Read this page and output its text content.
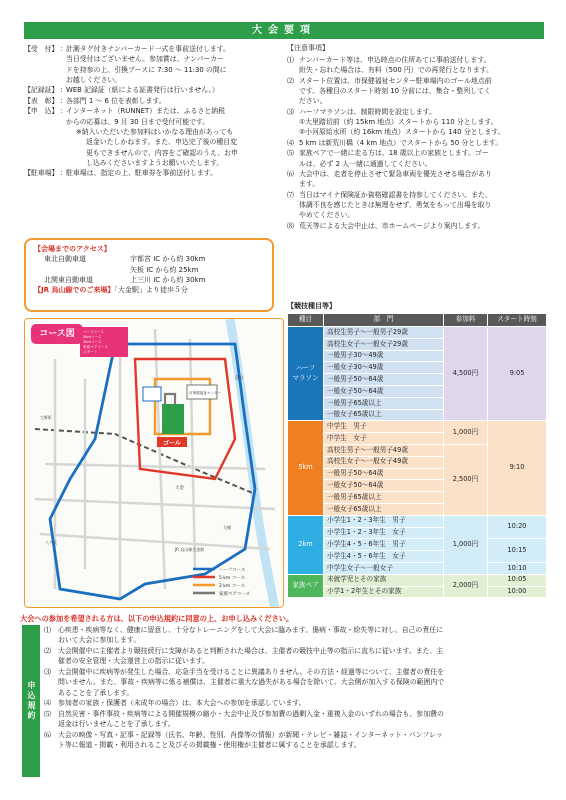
大会要項
【受　付】 ： 計測タグ付きナンバーカード一式を事前送付します。
当日受付はございません。参加賞は、ナンバーカー
ドを持参の上、引換ブースに 7:30 ～ 11:30 の間に
お越しください。
【記録証】 ： WEB 記録証（紙による証書発行は行いません。）
【表　彰】 ： 各部門 1 ～ 6 位を表彰します。
【申　込】 ： インターネット（RUNNET）または、ふるさと納税
からの応募は、9 月 30 日まで受付可能です。
※納入いただいた参加料はいかなる理由があっても
返金いたしかねます。また、申込完了後の種目変
更もできませんので、内容をご確認のうえ、お申
し込みくださいますようお願いいたします。
【駐車場】 ： 駐車場は、指定の上、駐車券を事前送付します。
【会場までのアクセス】
東北自動車道	宇都宮 IC から約 30km
矢板 IC から約 25km
北関東自動車道	上三川 IC から約 30km
【JR 烏山線でのご来場】「大金駅」より徒歩５分
市保健福祉センター
ゴール
ハーフコース
5kmコース
2kmコース
家族ペアコース
スタート
大金
八ケ代
荒川
大桶
大野町
JR 烏山線大金駅
ハーフコース
5 km コース
2 km コース
家族ペアコース
コース図
【注意事項】
⑴ ナンバーカード等は、申込時点の住所あてに事前送付します。
紛失・忘れた場合は、有料（500 円）での再発行となります。
⑵ スタート位置は、市保健福祉センター駐車場内のゴール地点前
です。各種目のスタート時刻 10 分前には、集合・整列してく
ださい。
⑶ ハーフマラソンは、制限時間を設定します。
①大里踏切前（約 15km 地点）スタートから 110 分とします。
②小河原給水所（約 16km 地点）スタートから 140 分とします。
⑷ 5 km は新荒川橋（4 km 地点）でスタートから 50 分とします。
⑸ 家族ペアで一緒に走る方は、18 歳以上の家族とします。ゴー
ルは、必ず 2 人一緒に通過してください。
⑹ 大会中は、走者を停止させて緊急車両を優先させる場合があり
ます。
⑺ 当日はマイナ保険証か資格確認書を持参してください。また、
体調不良を感じたときは無理をせず、勇気をもって出場を取り
やめてください。
⑻ 荒天等による大会中止は、市ホームページより案内します。
【競技種目等】
種目	部　門	参加料	スタート時刻
ハーフ
マラソン	高校生男子～一般男子29歳	4,500円	9:05
	高校生女子～一般女子29歳		
	一般男子30～49歳		
	一般女子30～49歳		
	一般男子50～64歳		
	一般女子50～64歳		
	一般男子65歳以上		
	一般女子65歳以上		
5km	中学生　男子	1,000円	9:10
	中学生　女子		
	高校生男子～一般男子49歳	2,500円	
	高校生女子～一般女子49歳		
	一般男子50～64歳		
	一般女子50～64歳		
	一般男子65歳以上		
	一般女子65歳以上		
2km	小学生1・2・3年生　男子	1,000円	10:20
	小学生1・2・3年生　女子		
	小学生4・5・6年生　男子		10:15
	小学生4・5・6年生　女子		
	中学生女子～一般女子		10:10
家族ペア	未就学児とその家族	2,000円	10:05
	小学1・2年生とその家族		10:00
大会への参加を希望される方は、以下の申込規約に同意の上、お申し込みください。
申込規約
⑴	心疾患・疾病等なく、健康に留意し、十分なトレーニングをして大会に臨みます。傷病・事故・紛失等に対し、自己の責任に
おいて大会に参加します。
⑵	大会開催中に主催者より競技続行に支障があると判断された場合は、主催者の競技中止等の指示に直ちに従います。また、主
催者の安全管理・大会運営上の指示に従います。
⑶	大会開催中に疾病等が発生した場合、応急手当を受けることに異議ありません。その方法・経過等について、主催者の責任を
問いません。また、事故・疾病等に係る補償は、主催者に重大な過失がある場合を除いて、大会側が加入する保険の範囲内で
あることを了承します。
⑷	参加者の家族・保護者（未成年の場合）は、本大会への参加を承認しています。
⑸	自然災害・事件事故・疾病等による開催規模の縮小・大会中止及び参加費の過剰入金・重複入金のいずれの場合も、参加費の
返金は行いませんことを了承します。
⑹	大会の映像・写真・記事・記録等（氏名、年齢、性別、肖像等の情報）が新聞・テレビ・雑誌・インターネット・パンフレッ
ト等に報道・掲載・利用されること及びその掲載権・使用権が主催者に属することを承認します。
